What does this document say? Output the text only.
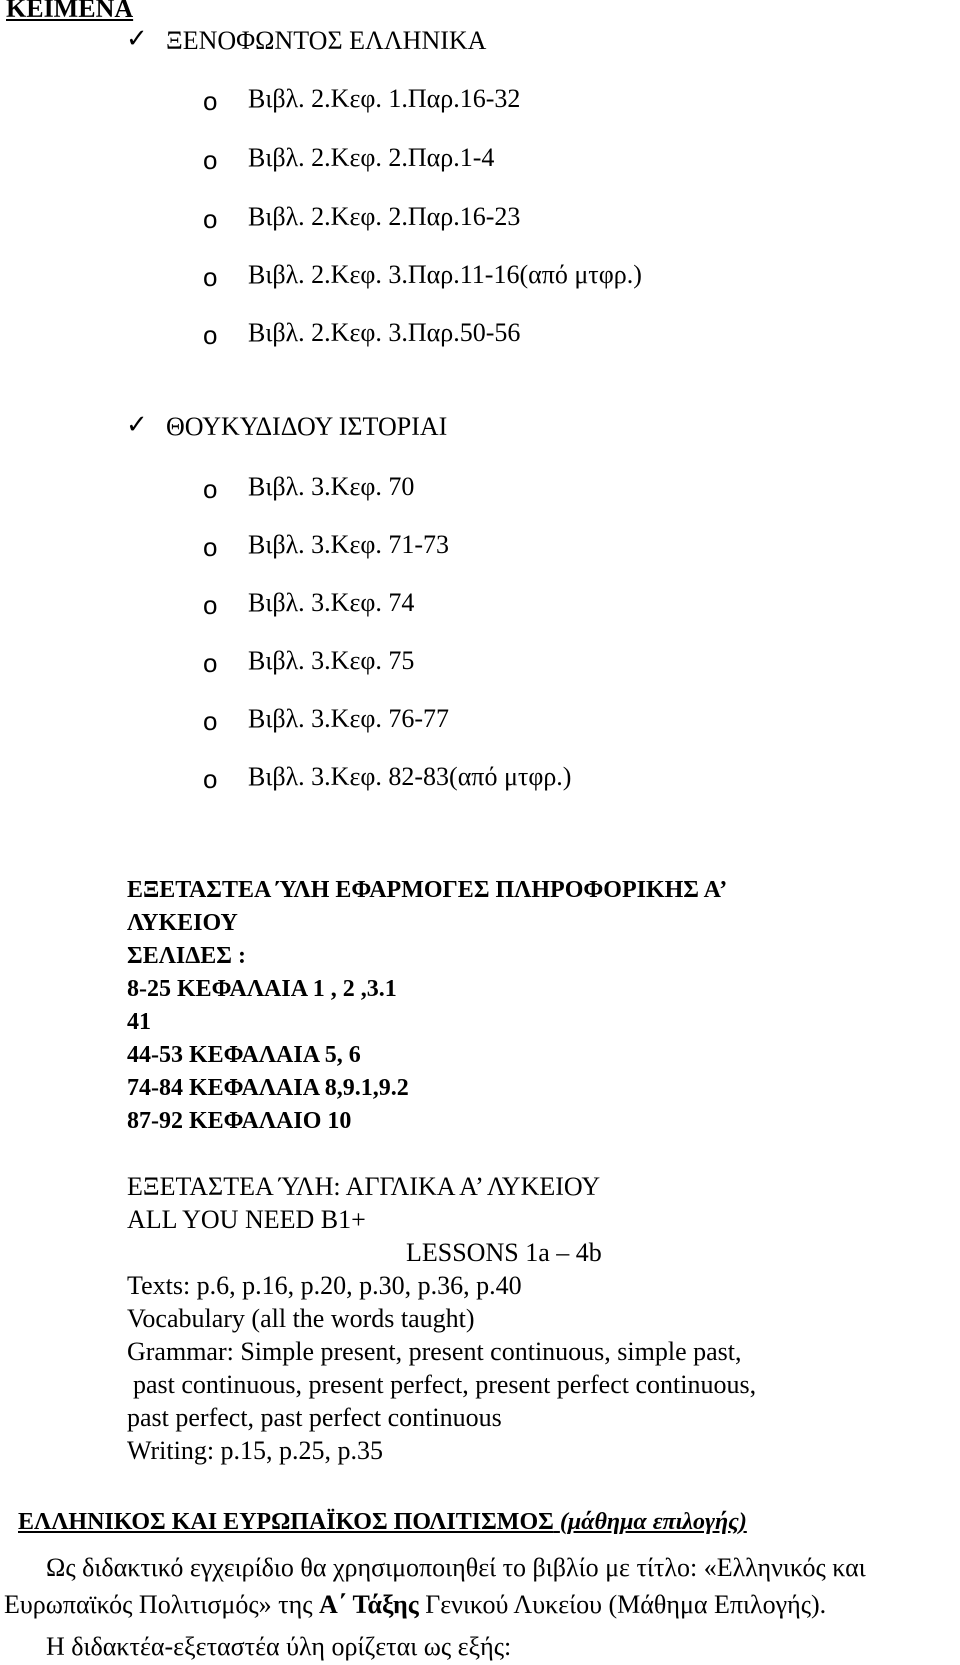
ΚΕΙΜΕΝΑ
✓ ΞΕΝΟΦΩΝΤΟΣ ΕΛΛΗΝΙΚΑ
o Βιβλ. 2.Κεφ. 1.Παρ.16-32
o Βιβλ. 2.Κεφ. 2.Παρ.1-4
o Βιβλ. 2.Κεφ. 2.Παρ.16-23
o Βιβλ. 2.Κεφ. 3.Παρ.11-16(από μτφρ.)
o Βιβλ. 2.Κεφ. 3.Παρ.50-56
✓ ΘΟΥΚΥΔΙΔΟΥ ΙΣΤΟΡΙΑΙ
o Βιβλ. 3.Κεφ. 70
o Βιβλ. 3.Κεφ. 71-73
o Βιβλ. 3.Κεφ. 74
o Βιβλ. 3.Κεφ. 75
o Βιβλ. 3.Κεφ. 76-77
o Βιβλ. 3.Κεφ. 82-83(από μτφρ.)
ΕΞΕΤΑΣΤΕΑ ΎΛΗ ΕΦΑΡΜΟΓΕΣ ΠΛΗΡΟΦΟΡΙΚΗΣ Α’
ΛΥΚΕΙΟΥ
ΣΕΛΙΔΕΣ :
8-25 ΚΕΦΑΛΑΙΑ 1 , 2 ,3.1
41
44-53 ΚΕΦΑΛΑΙΑ 5, 6
74-84 ΚΕΦΑΛΑΙΑ 8,9.1,9.2
87-92 ΚΕΦΑΛΑΙΟ 10
ΕΞΕΤΑΣΤΕΑ ΎΛΗ: ΑΓΓΛΙΚΑ Α’ ΛΥΚΕΙΟΥ
ALL YOU NEED B1+
LESSONS 1a – 4b
Texts: p.6, p.16, p.20, p.30, p.36, p.40
Vocabulary (all the words taught)
Grammar: Simple present, present continuous, simple past,
past continuous, present perfect, present perfect continuous,
past perfect, past perfect continuous
Writing: p.15, p.25, p.35
ΕΛΛΗΝΙΚΟΣ ΚΑΙ ΕΥΡΩΠΑΪΚΟΣ ΠΟΛΙΤΙΣΜΟΣ (μάθημα επιλογής)
Ως διδακτικό εγχειρίδιο θα χρησιμοποιηθεί το βιβλίο με τίτλο: «Ελληνικός και
Ευρωπαϊκός Πολιτισμός» της Α΄ Τάξης Γενικού Λυκείου (Μάθημα Επιλογής).
Η διδακτέα-εξεταστέα ύλη ορίζεται ως εξής:
